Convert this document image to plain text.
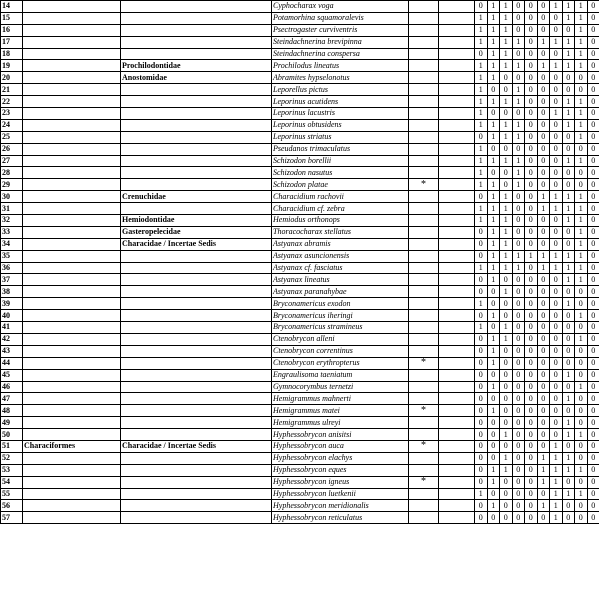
14			Cyphocharax voga			0	1	1	0	0	0	1	1	1	0
15			Potamorhina squamoralevis			1	1	1	0	0	0	0	1	1	0
16			Psectrogaster curviventris			1	1	1	0	0	0	0	0	1	0
17			Steindachnerina brevipinna			1	1	1	1	0	1	1	1	1	0
18			Steindachnerina conspersa			0	1	1	0	0	0	0	1	1	0
19		Prochilodontidae	Prochilodus lineatus			1	1	1	1	0	1	1	1	1	0
20		Anostomidae	Abramites hypselonotus			1	1	0	0	0	0	0	0	0	0
21			Leporellus pictus			1	0	0	1	0	0	0	0	0	0
22			Leporinus acutidens			1	1	1	1	0	0	0	1	1	0
23			Leporinus lacustris			1	0	0	0	0	0	1	1	1	0
24			Leporinus obtusidens			1	1	1	1	0	0	0	1	1	0
25			Leporinus striatus			0	1	1	1	0	0	0	0	1	0
26			Pseudanos trimaculatus			1	0	0	0	0	0	0	0	0	0
27			Schizodon borellii			1	1	1	1	0	0	0	1	1	0
28			Schizodon nasutus			1	0	0	1	0	0	0	0	0	0
29			Schizodon platae	*		1	1	0	1	0	0	0	0	0	0
30		Crenuchidae	Characidium rachovii			0	1	1	0	0	1	1	1	1	0
31			Characidium cf. zebra			1	1	1	0	0	1	1	1	1	0
32		Hemiodontidae	Hemiodus orthonops			1	1	1	0	0	0	0	1	1	0
33		Gasteropelecidae	Thoracocharax stellatus			0	1	1	0	0	0	0	0	1	0
34		Characidae / Incertae Sedis	Astyanax abramis			0	1	1	0	0	0	0	0	1	0
35			Astyanax asuncionensis			0	1	1	1	1	1	1	1	1	0
36			Astyanax cf. fasciatus			1	1	1	1	0	1	1	1	1	0
37			Astyanax lineatus			0	1	0	0	0	0	0	1	1	0
38			Astyanax paranahybae			0	0	1	0	0	0	0	0	0	0
39			Bryconamericus exodon			1	0	0	0	0	0	0	1	0	0
40			Bryconamericus iheringi			0	1	0	0	0	0	0	0	1	0
41			Bryconamericus stramineus			1	0	1	0	0	0	0	0	0	0
42			Ctenobrycon alleni			0	1	1	0	0	0	0	0	1	0
43			Ctenobrycon correntinus			0	1	0	0	0	0	0	0	0	0
44			Ctenobrycon erythropterus	*		0	1	0	0	0	0	0	0	0	0
45			Engraulisoma taeniatum			0	0	0	0	0	0	0	1	0	0
46			Gymnocorymbus ternetzi			0	1	0	0	0	0	0	0	1	0
47			Hemigrammus mahnerti			0	0	0	0	0	0	0	1	0	0
48			Hemigrammus matei	*		0	1	0	0	0	0	0	0	0	0
49			Hemigrammus ulreyi			0	0	0	0	0	0	0	1	0	0
50			Hyphessobrycon anisitsi			0	0	1	0	0	0	0	1	1	0
51	Characiformes	Characidae / Incertae Sedis	Hyphessobrycon auca	*		0	0	0	0	0	0	1	0	0	0
52			Hyphessobrycon elachys			0	0	1	0	0	1	1	1	0	0
53			Hyphessobrycon eques			0	1	1	0	0	1	1	1	1	0
54			Hyphessobrycon igneus	*		0	1	0	0	0	1	1	0	0	0
55			Hyphessobrycon luetkenii			1	0	0	0	0	0	1	1	1	0
56			Hyphessobrycon meridionalis			0	1	0	0	0	1	1	0	0	0
57			Hyphessobrycon reticulatus			0	0	0	0	0	0	1	0	0	0
